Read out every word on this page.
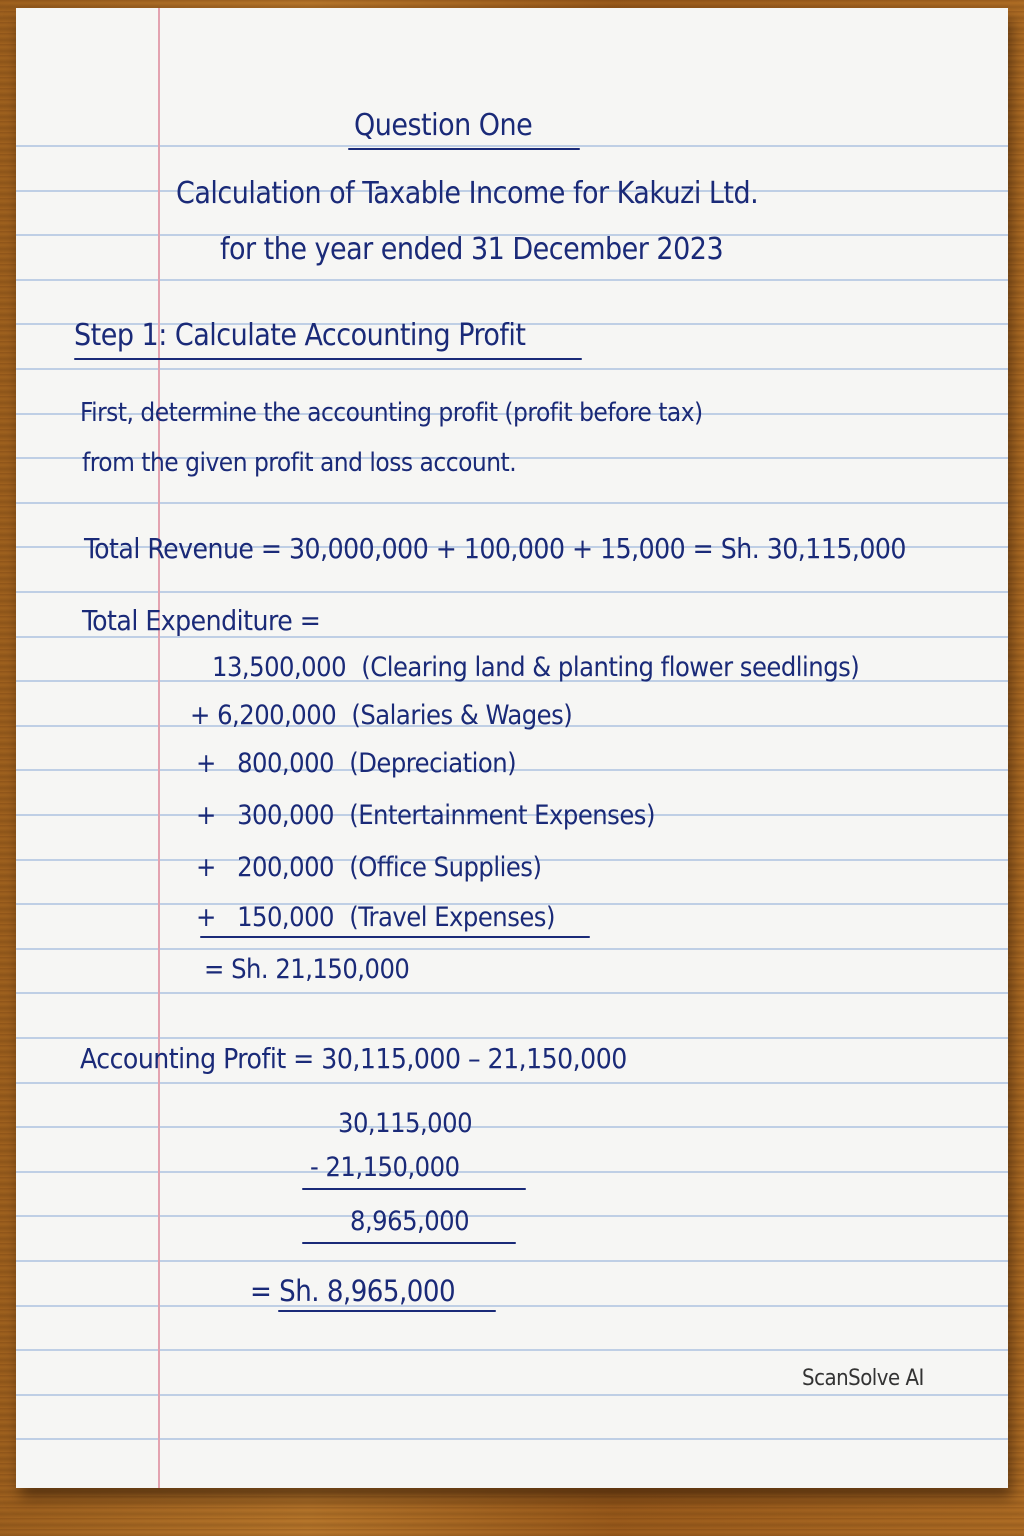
Question One
Calculation of Taxable Income for Kakuzi Ltd.
for the year ended 31 December 2023
Step 1: Calculate Accounting Profit
First, determine the accounting profit (profit before tax)
from the given profit and loss account.
Total Revenue = 30,000,000 + 100,000 + 15,000 = Sh. 30,115,000
Total Expenditure =
13,500,000 (Clearing land & planting flower seedlings)
+ 6,200,000 (Salaries & Wages)
+ 800,000 (Depreciation)
+ 300,000 (Entertainment Expenses)
+ 200,000 (Office Supplies)
+ 150,000 (Travel Expenses)
= Sh. 21,150,000
Accounting Profit = 30,115,000 – 21,150,000
30,115,000
- 21,150,000
8,965,000
= Sh. 8,965,000
ScanSolve AI
